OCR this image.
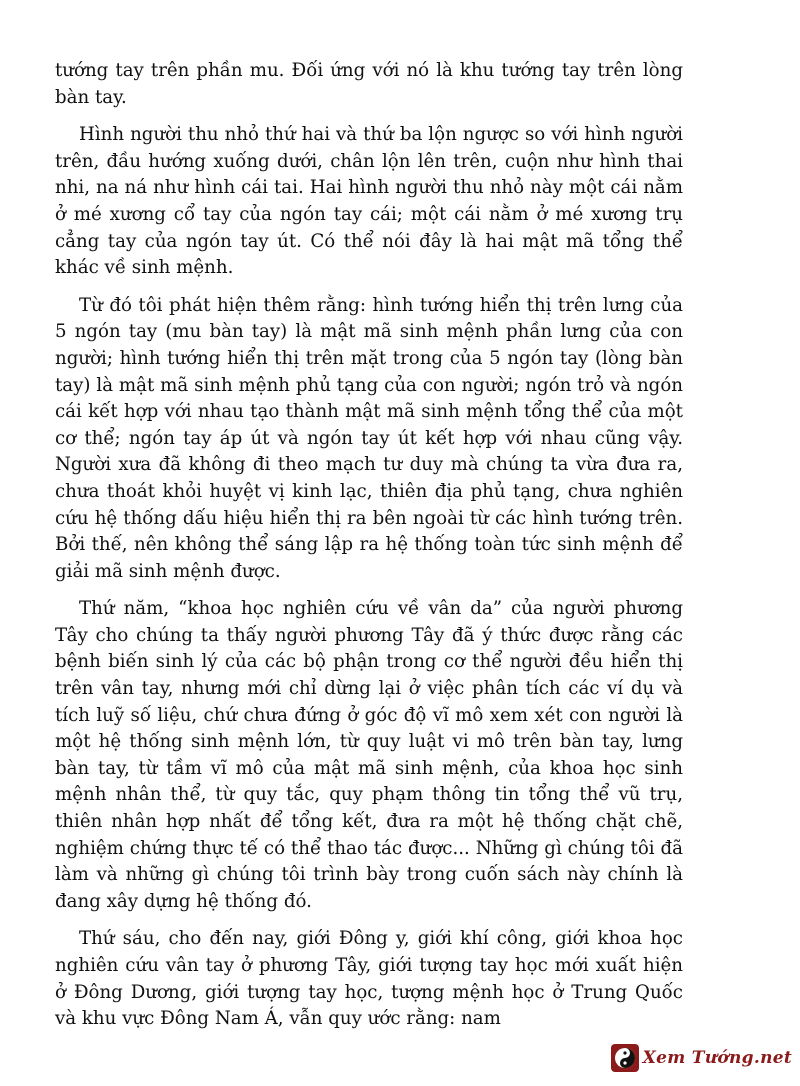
tướng tay trên phần mu. Đối ứng với nó là khu tướng tay trên lòng bàn tay.

Hình người thu nhỏ thứ hai và thứ ba lộn ngược so với hình người trên, đầu hướng xuống dưới, chân lộn lên trên, cuộn như hình thai nhi, na ná như hình cái tai. Hai hình người thu nhỏ này một cái nằm ở mé xương cổ tay của ngón tay cái; một cái nằm ở mé xương trụ cẳng tay của ngón tay út. Có thể nói đây là hai mật mã tổng thể khác về sinh mệnh.

Từ đó tôi phát hiện thêm rằng: hình tướng hiển thị trên lưng của 5 ngón tay (mu bàn tay) là mật mã sinh mệnh phần lưng của con người; hình tướng hiển thị trên mặt trong của 5 ngón tay (lòng bàn tay) là mật mã sinh mệnh phủ tạng của con người; ngón trỏ và ngón cái kết hợp với nhau tạo thành mật mã sinh mệnh tổng thể của một cơ thể; ngón tay áp út và ngón tay út kết hợp với nhau cũng vậy. Người xưa đã không đi theo mạch tư duy mà chúng ta vừa đưa ra, chưa thoát khỏi huyệt vị kinh lạc, thiên địa phủ tạng, chưa nghiên cứu hệ thống dấu hiệu hiển thị ra bên ngoài từ các hình tướng trên. Bởi thế, nên không thể sáng lập ra hệ thống toàn tức sinh mệnh để giải mã sinh mệnh được.

Thứ năm, “khoa học nghiên cứu về vân da” của người phương Tây cho chúng ta thấy người phương Tây đã ý thức được rằng các bệnh biến sinh lý của các bộ phận trong cơ thể người đều hiển thị trên vân tay, nhưng mới chỉ dừng lại ở việc phân tích các ví dụ và tích luỹ số liệu, chứ chưa đứng ở góc độ vĩ mô xem xét con người là một hệ thống sinh mệnh lớn, từ quy luật vi mô trên bàn tay, lưng bàn tay, từ tầm vĩ mô của mật mã sinh mệnh, của khoa học sinh mệnh nhân thể, từ quy tắc, quy phạm thông tin tổng thể vũ trụ, thiên nhân hợp nhất để tổng kết, đưa ra một hệ thống chặt chẽ, nghiệm chứng thực tế có thể thao tác được... Những gì chúng tôi đã làm và những gì chúng tôi trình bày trong cuốn sách này chính là đang xây dựng hệ thống đó.

Thứ sáu, cho đến nay, giới Đông y, giới khí công, giới khoa học nghiên cứu vân tay ở phương Tây, giới tượng tay học mới xuất hiện ở Đông Dương, giới tượng tay học, tượng mệnh học ở Trung Quốc và khu vực Đông Nam Á, vẫn quy ước rằng: nam

Xem Tướng.net
